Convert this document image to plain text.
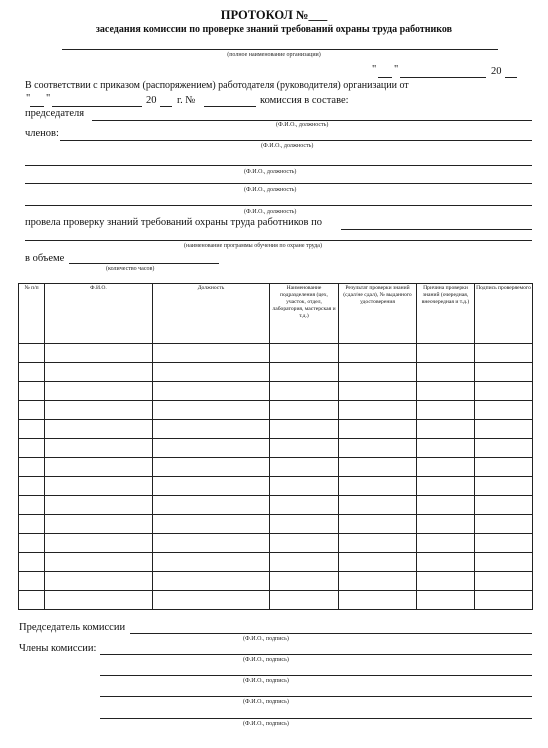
ПРОТОКОЛ №___
заседания комиссии по проверке знаний требований охраны труда работников
(полное наименование организации)
" "	20
В соответствии с приказом (распоряжением) работодателя (руководителя) организации от
" "	20 г. №	комиссия в составе:
председателя
(Ф.И.О., должность)
членов:
(Ф.И.О., должность)
(Ф.И.О., должность)
(Ф.И.О., должность)
(Ф.И.О., должность)
провела проверку знаний требований охраны труда работников по
(наименование программы обучения по охране труда)
в объеме
(количество часов)
№ п/п	Ф.И.О.	Должность	Наименование подразделения (цех, участок, отдел, лаборатория, мастерская и т.д.)	Результат проверки знаний (сдал/не сдал), № выданного удостоверения	Причина проверки знаний (очередная, внеочередная и т.д.)	Подпись проверяемого

Председатель комиссии
(Ф.И.О., подпись)
Члены комиссии:
(Ф.И.О., подпись)
(Ф.И.О., подпись)
(Ф.И.О., подпись)
(Ф.И.О., подпись)
